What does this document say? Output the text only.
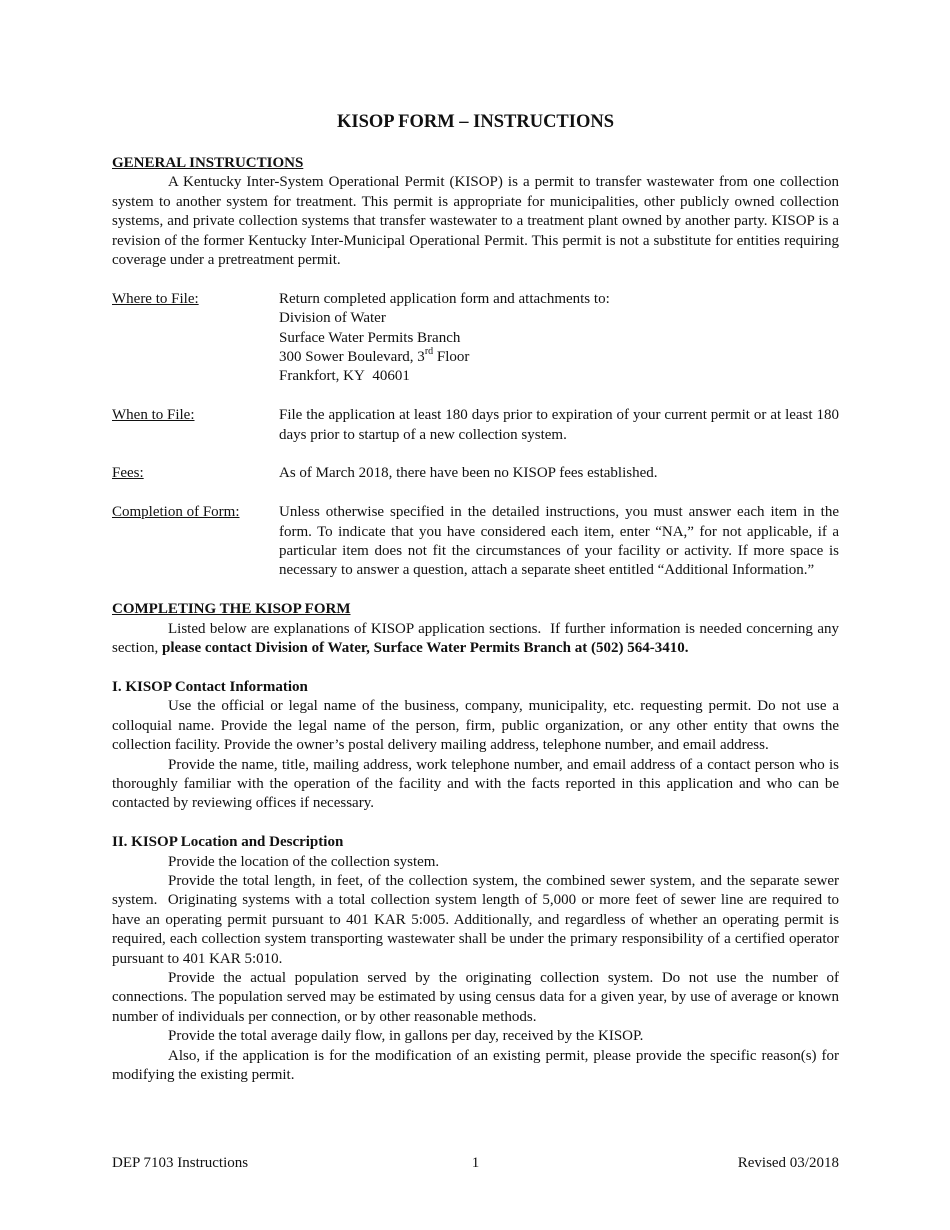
KISOP FORM – INSTRUCTIONS
GENERAL INSTRUCTIONS

A Kentucky Inter-System Operational Permit (KISOP) is a permit to transfer wastewater from one collection system to another system for treatment. This permit is appropriate for municipalities, other publicly owned collection systems, and private collection systems that transfer wastewater to a treatment plant owned by another party. KISOP is a revision of the former Kentucky Inter-Municipal Operational Permit. This permit is not a substitute for entities requiring coverage under a pretreatment permit.

Where to File:	Return completed application form and attachments to:
Division of Water
Surface Water Permits Branch
300 Sower Boulevard, 3rd Floor
Frankfort, KY  40601
When to File:	File the application at least 180 days prior to expiration of your current permit or at least 180 days prior to startup of a new collection system.
Fees:	As of March 2018, there have been no KISOP fees established.
Completion of Form:	Unless otherwise specified in the detailed instructions, you must answer each item in the form. To indicate that you have considered each item, enter “NA,” for not applicable, if a particular item does not fit the circumstances of your facility or activity. If more space is necessary to answer a question, attach a separate sheet entitled “Additional Information.”
COMPLETING THE KISOP FORM

Listed below are explanations of KISOP application sections.  If further information is needed concerning any section, please contact Division of Water, Surface Water Permits Branch at (502) 564-3410.

I. KISOP Contact Information

Use the official or legal name of the business, company, municipality, etc. requesting permit. Do not use a colloquial name. Provide the legal name of the person, firm, public organization, or any other entity that owns the collection facility. Provide the owner’s postal delivery mailing address, telephone number, and email address.

Provide the name, title, mailing address, work telephone number, and email address of a contact person who is thoroughly familiar with the operation of the facility and with the facts reported in this application and who can be contacted by reviewing offices if necessary.

II. KISOP Location and Description

Provide the location of the collection system.

Provide the total length, in feet, of the collection system, the combined sewer system, and the separate sewer system.  Originating systems with a total collection system length of 5,000 or more feet of sewer line are required to have an operating permit pursuant to 401 KAR 5:005. Additionally, and regardless of whether an operating permit is required, each collection system transporting wastewater shall be under the primary responsibility of a certified operator pursuant to 401 KAR 5:010.

Provide the actual population served by the originating collection system. Do not use the number of connections. The population served may be estimated by using census data for a given year, by use of average or known number of individuals per connection, or by other reasonable methods.

Provide the total average daily flow, in gallons per day, received by the KISOP.

Also, if the application is for the modification of an existing permit, please provide the specific reason(s) for modifying the existing permit.

DEP 7103 Instructions	1	Revised 03/2018
